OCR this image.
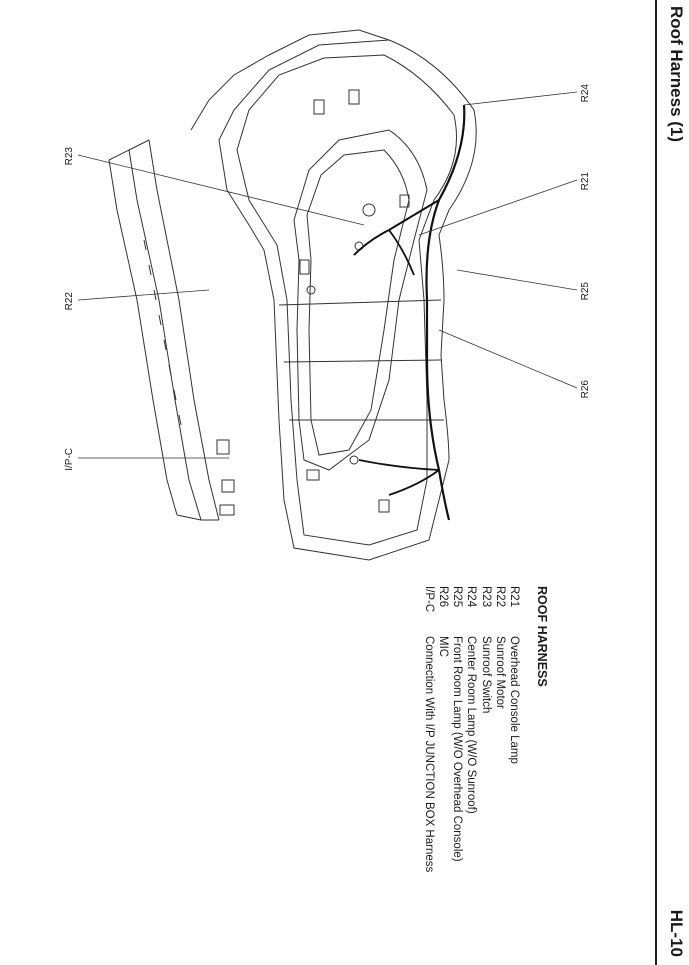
Roof Harness (1)
HL-10
R24
R21
R25
R26
R23
R22
I/P-C
ROOF HARNESS
R21
Overhead Console Lamp
R22
Sunroof Motor
R23
Sunroof Switch
R24
Center Room Lamp (W/O Sunroof)
R25
Front Room Lamp (W/O Overhead Console)
R26
MIC
I/P-C
Connection With I/P JUNCTION BOX Harness
